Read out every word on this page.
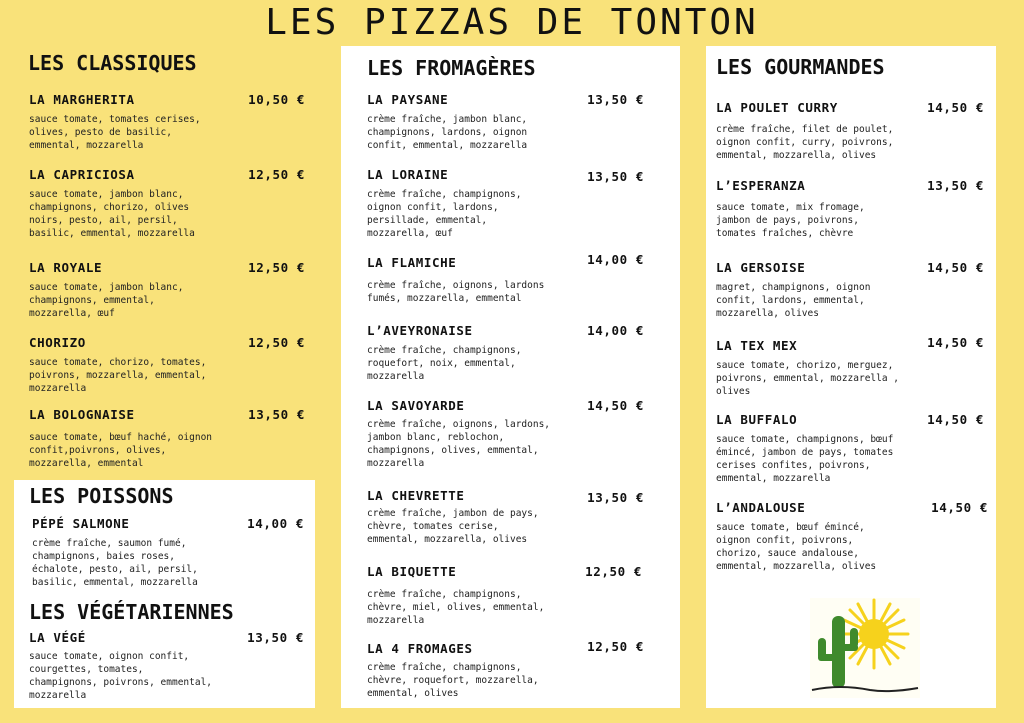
LES PIZZAS DE TONTON
LES CLASSIQUES
LA MARGHERITA	10,50 €
sauce tomate, tomates cerises,
olives, pesto de basilic,
emmental, mozzarella
LA CAPRICIOSA	12,50 €
sauce tomate, jambon blanc,
champignons, chorizo, olives
noirs, pesto, ail, persil,
basilic, emmental, mozzarella
LA ROYALE	12,50 €
sauce tomate, jambon blanc,
champignons, emmental,
mozzarella, œuf
CHORIZO	12,50 €
sauce tomate, chorizo, tomates,
poivrons, mozzarella, emmental,
mozzarella
LA BOLOGNAISE	13,50 €
sauce tomate, bœuf haché, oignon
confit,poivrons, olives,
mozzarella, emmental
LES POISSONS
PÉPÉ SALMONE	14,00 €
crème fraîche, saumon fumé,
champignons, baies roses,
échalote, pesto, ail, persil,
basilic, emmental, mozzarella
LES VÉGÉTARIENNES
LA VÉGÉ	13,50 €
sauce tomate, oignon confit,
courgettes, tomates,
champignons, poivrons, emmental,
mozzarella
LES FROMAGÈRES
LA PAYSANE	13,50 €
crème fraîche, jambon blanc,
champignons, lardons, oignon
confit, emmental, mozzarella
LA LORAINE	13,50 €
crème fraîche, champignons,
oignon confit, lardons,
persillade, emmental,
mozzarella, œuf
LA FLAMICHE	14,00 €
crème fraîche, oignons, lardons
fumés, mozzarella, emmental
L’AVEYRONAISE	14,00 €
crème fraîche, champignons,
roquefort, noix, emmental,
mozzarella
LA SAVOYARDE	14,50 €
crème fraîche, oignons, lardons,
jambon blanc, reblochon,
champignons, olives, emmental,
mozzarella
LA CHEVRETTE	13,50 €
crème fraîche, jambon de pays,
chèvre, tomates cerise,
emmental, mozzarella, olives
LA BIQUETTE	12,50 €
crème fraîche, champignons,
chèvre, miel, olives, emmental,
mozzarella
LA 4 FROMAGES	12,50 €
crème fraîche, champignons,
chèvre, roquefort, mozzarella,
emmental, olives
LES GOURMANDES
LA POULET CURRY	14,50 €
crème fraîche, filet de poulet,
oignon confit, curry, poivrons,
emmental, mozzarella, olives
L’ESPERANZA	13,50 €
sauce tomate, mix fromage,
jambon de pays, poivrons,
tomates fraîches, chèvre
LA GERSOISE	14,50 €
magret, champignons, oignon
confit, lardons, emmental,
mozzarella, olives
LA TEX MEX	14,50 €
sauce tomate, chorizo, merguez,
poivrons, emmental, mozzarella ,
olives
LA BUFFALO	14,50 €
sauce tomate, champignons, bœuf
émincé, jambon de pays, tomates
cerises confites, poivrons,
emmental, mozzarella
L’ANDALOUSE	14,50 €
sauce tomate, bœuf émincé,
oignon confit, poivrons,
chorizo, sauce andalouse,
emmental, mozzarella, olives
